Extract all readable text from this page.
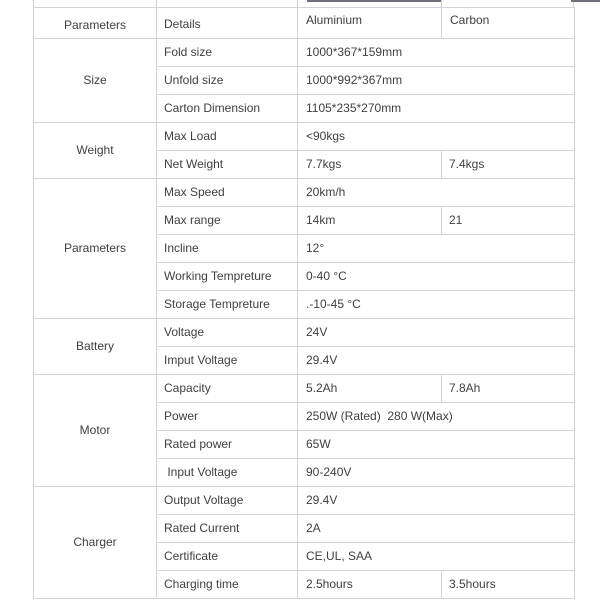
Parameters	Details	Aluminium	Carbon
Size	Fold size	1000*367*159mm	
	Unfold size	1000*992*367mm	
	Carton Dimension	1105*235*270mm	
Weight	Max Load	<90kgs	
	Net Weight	7.7kgs	7.4kgs
Parameters	Max Speed	20km/h	
	Max range	14km	21
	Incline	12°	
	Working Tempreture	0-40 °C	
	Storage Tempreture	.-10-45 °C	
Battery	Voltage	24V	
	Imput Voltage	29.4V	
Motor	Capacity	5.2Ah	7.8Ah
	Power	250W (Rated)  280 W(Max)	
	Rated power	65W	
	Input Voltage	90-240V	
Charger	Output Voltage	29.4V	
	Rated Current	2A	
	Certificate	CE,UL, SAA	
	Charging time	2.5hours	3.5hours
